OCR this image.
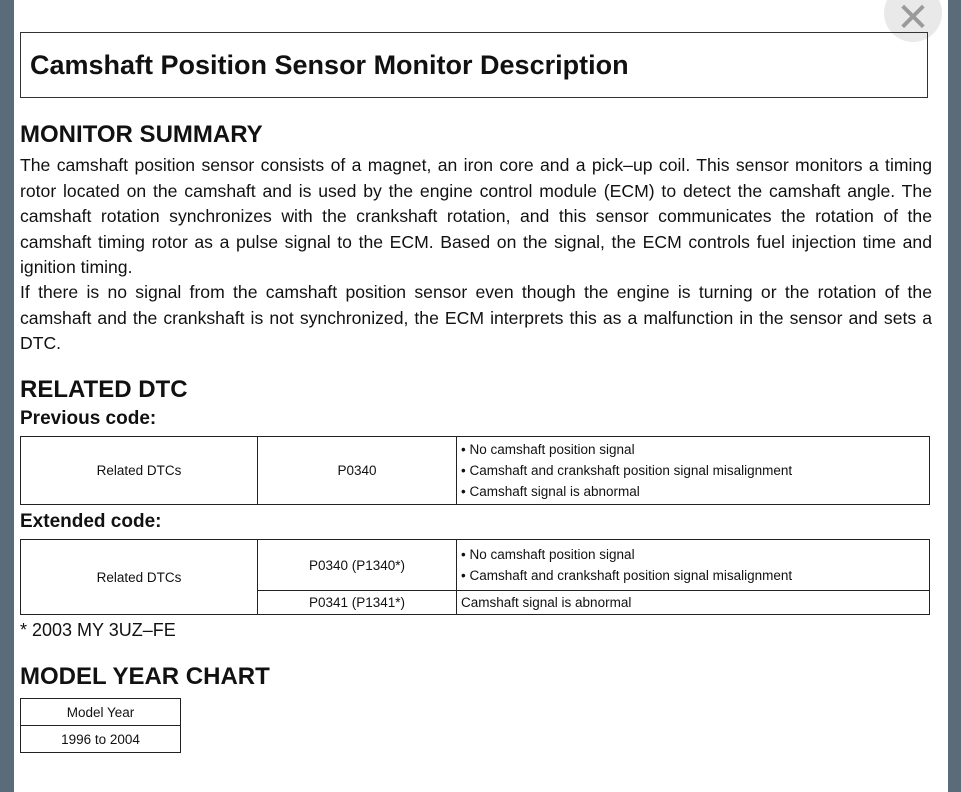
✕
Camshaft Position Sensor Monitor Description
MONITOR SUMMARY

The camshaft position sensor consists of a magnet, an iron core and a pick–up coil. This sensor monitors a timing rotor located on the camshaft and is used by the engine control module (ECM) to detect the camshaft angle. The camshaft rotation synchronizes with the crankshaft rotation, and this sensor communicates the rotation of the camshaft timing rotor as a pulse signal to the ECM. Based on the signal, the ECM controls fuel injection time and ignition timing.

If there is no signal from the camshaft position sensor even though the engine is turning or the rotation of the camshaft and the crankshaft is not synchronized, the ECM interprets this as a malfunction in the sensor and sets a DTC.

RELATED DTC

Previous code:

Related DTCs	P0340	
• No camshaft position signal
• Camshaft and crankshaft position signal misalignment
• Camshaft signal is abnormal

Extended code:

Related DTCs	P0340 (P1340*)	• No camshaft position signal
• Camshaft and crankshaft position signal misalignment

	P0341 (P1341*)	Camshaft signal is abnormal
* 2003 MY 3UZ–FE
MODEL YEAR CHART
Model Year
1996 to 2004
